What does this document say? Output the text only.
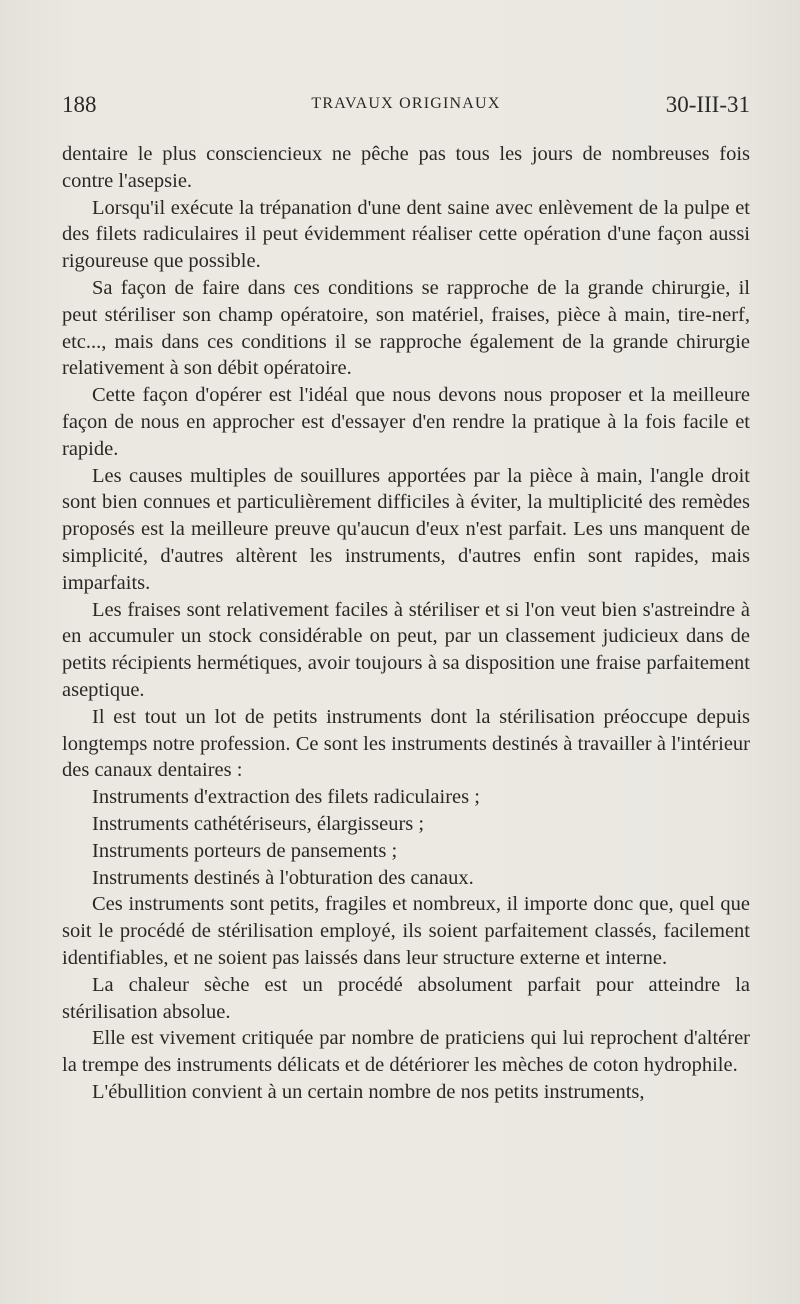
188	TRAVAUX ORIGINAUX	30-III-31

dentaire le plus consciencieux ne pêche pas tous les jours de nombreuses fois contre l'asepsie.

Lorsqu'il exécute la trépanation d'une dent saine avec enlèvement de la pulpe et des filets radiculaires il peut évidemment réaliser cette opération d'une façon aussi rigoureuse que possible.

Sa façon de faire dans ces conditions se rapproche de la grande chirurgie, il peut stériliser son champ opératoire, son matériel, fraises, pièce à main, tire-nerf, etc..., mais dans ces conditions il se rapproche également de la grande chirurgie relativement à son débit opératoire.

Cette façon d'opérer est l'idéal que nous devons nous proposer et la meilleure façon de nous en approcher est d'essayer d'en rendre la pratique à la fois facile et rapide.

Les causes multiples de souillures apportées par la pièce à main, l'angle droit sont bien connues et particulièrement difficiles à éviter, la multiplicité des remèdes proposés est la meilleure preuve qu'aucun d'eux n'est parfait. Les uns manquent de simplicité, d'autres altèrent les instruments, d'autres enfin sont rapides, mais imparfaits.

Les fraises sont relativement faciles à stériliser et si l'on veut bien s'astreindre à en accumuler un stock considérable on peut, par un classement judicieux dans de petits récipients hermétiques, avoir toujours à sa disposition une fraise parfaitement aseptique.

Il est tout un lot de petits instruments dont la stérilisation préoccupe depuis longtemps notre profession. Ce sont les instruments destinés à travailler à l'intérieur des canaux dentaires :

Instruments d'extraction des filets radiculaires ;

Instruments cathétériseurs, élargisseurs ;

Instruments porteurs de pansements ;

Instruments destinés à l'obturation des canaux.

Ces instruments sont petits, fragiles et nombreux, il importe donc que, quel que soit le procédé de stérilisation employé, ils soient parfaitement classés, facilement identifiables, et ne soient pas laissés dans leur structure externe et interne.

La chaleur sèche est un procédé absolument parfait pour atteindre la stérilisation absolue.

Elle est vivement critiquée par nombre de praticiens qui lui reprochent d'altérer la trempe des instruments délicats et de détériorer les mèches de coton hydrophile.

L'ébullition convient à un certain nombre de nos petits instruments,
